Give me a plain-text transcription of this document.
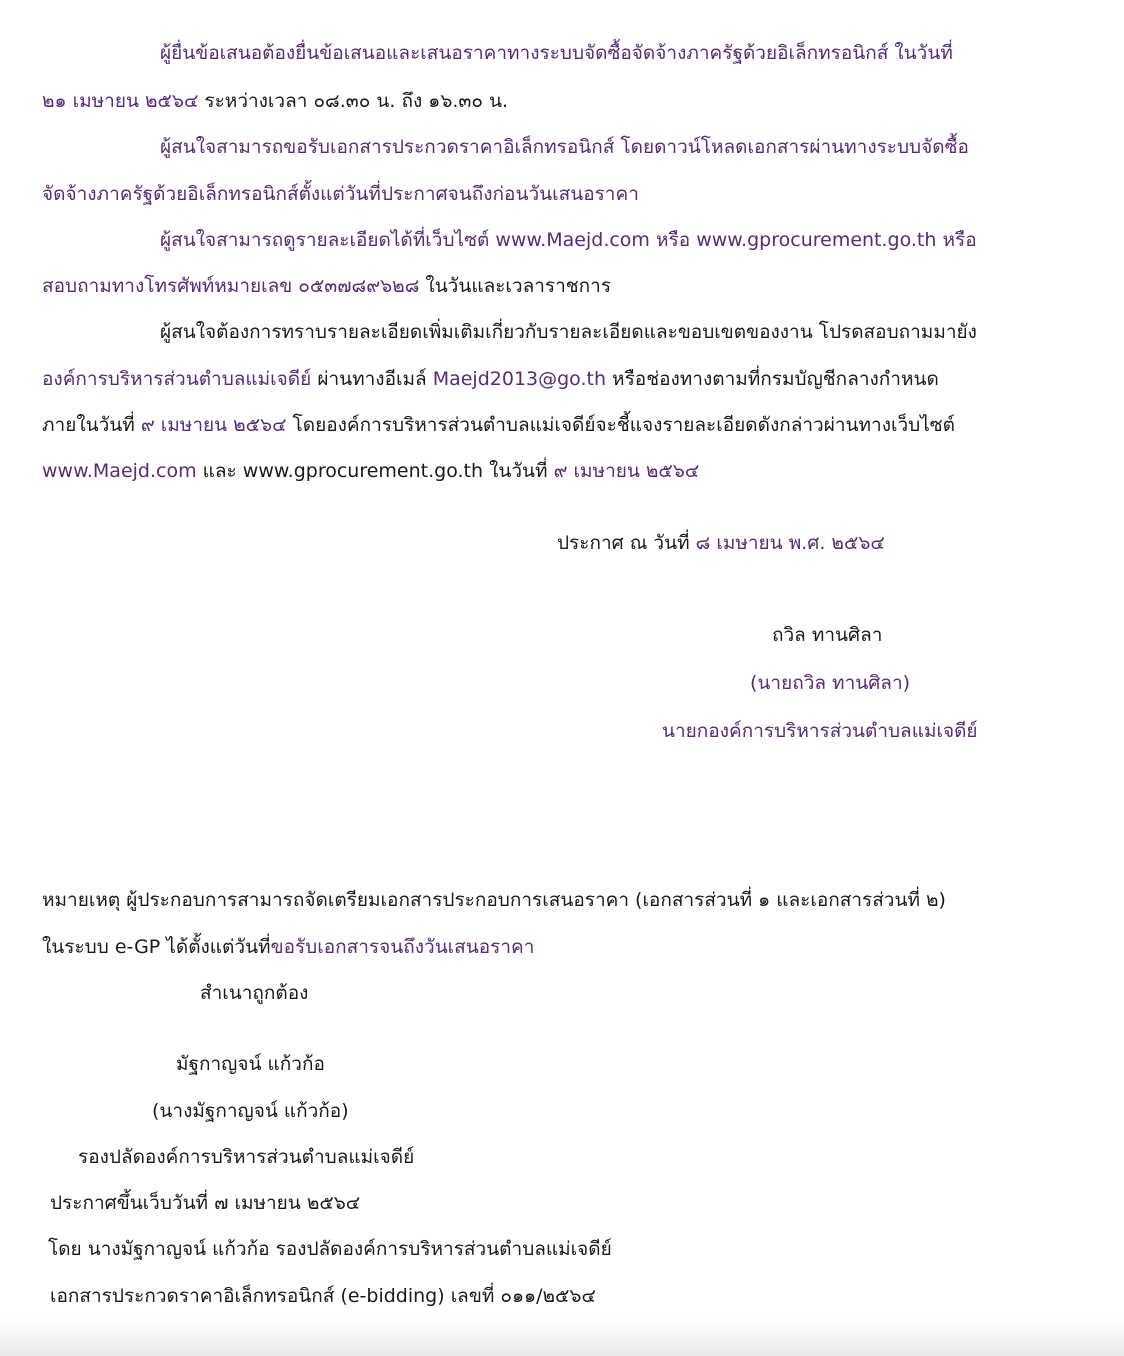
ผู้ยื่นข้อเสนอต้องยื่นข้อเสนอและเสนอราคาทางระบบจัดซื้อจัดจ้างภาครัฐด้วยอิเล็กทรอนิกส์ ในวันที่
๒๑ เมษายน ๒๕๖๔ ระหว่างเวลา ๐๘.๓๐ น. ถึง ๑๖.๓๐ น.
ผู้สนใจสามารถขอรับเอกสารประกวดราคาอิเล็กทรอนิกส์ โดยดาวน์โหลดเอกสารผ่านทางระบบจัดซื้อ
จัดจ้างภาครัฐด้วยอิเล็กทรอนิกส์ตั้งแต่วันที่ประกาศจนถึงก่อนวันเสนอราคา
ผู้สนใจสามารถดูรายละเอียดได้ที่เว็บไซต์ www.Maejd.com หรือ www.gprocurement.go.th หรือ
สอบถามทางโทรศัพท์หมายเลข ๐๕๓๗๘๙๖๒๘ ในวันและเวลาราชการ
ผู้สนใจต้องการทราบรายละเอียดเพิ่มเติมเกี่ยวกับรายละเอียดและขอบเขตของงาน โปรดสอบถามมายัง
องค์การบริหารส่วนตำบลแม่เจดีย์ ผ่านทางอีเมล์ Maejd2013@go.th หรือช่องทางตามที่กรมบัญชีกลางกำหนด
ภายในวันที่ ๙ เมษายน ๒๕๖๔ โดยองค์การบริหารส่วนตำบลแม่เจดีย์จะชี้แจงรายละเอียดดังกล่าวผ่านทางเว็บไซต์
www.Maejd.com และ www.gprocurement.go.th ในวันที่ ๙ เมษายน ๒๕๖๔
ประกาศ ณ วันที่ ๘ เมษายน พ.ศ. ๒๕๖๔
ถวิล ทานศิลา
(นายถวิล ทานศิลา)
นายกองค์การบริหารส่วนตำบลแม่เจดีย์
หมายเหตุ ผู้ประกอบการสามารถจัดเตรียมเอกสารประกอบการเสนอราคา (เอกสารส่วนที่ ๑ และเอกสารส่วนที่ ๒)
ในระบบ e-GP ได้ตั้งแต่วันที่ขอรับเอกสารจนถึงวันเสนอราคา
สำเนาถูกต้อง
มัฐกาญจน์ แก้วก้อ
(นางมัฐกาญจน์ แก้วก้อ)
รองปลัดองค์การบริหารส่วนตำบลแม่เจดีย์
ประกาศขึ้นเว็บวันที่ ๗ เมษายน ๒๕๖๔
โดย นางมัฐกาญจน์ แก้วก้อ รองปลัดองค์การบริหารส่วนตำบลแม่เจดีย์
เอกสารประกวดราคาอิเล็กทรอนิกส์ (e-bidding) เลขที่ ๐๑๑/๒๕๖๔
